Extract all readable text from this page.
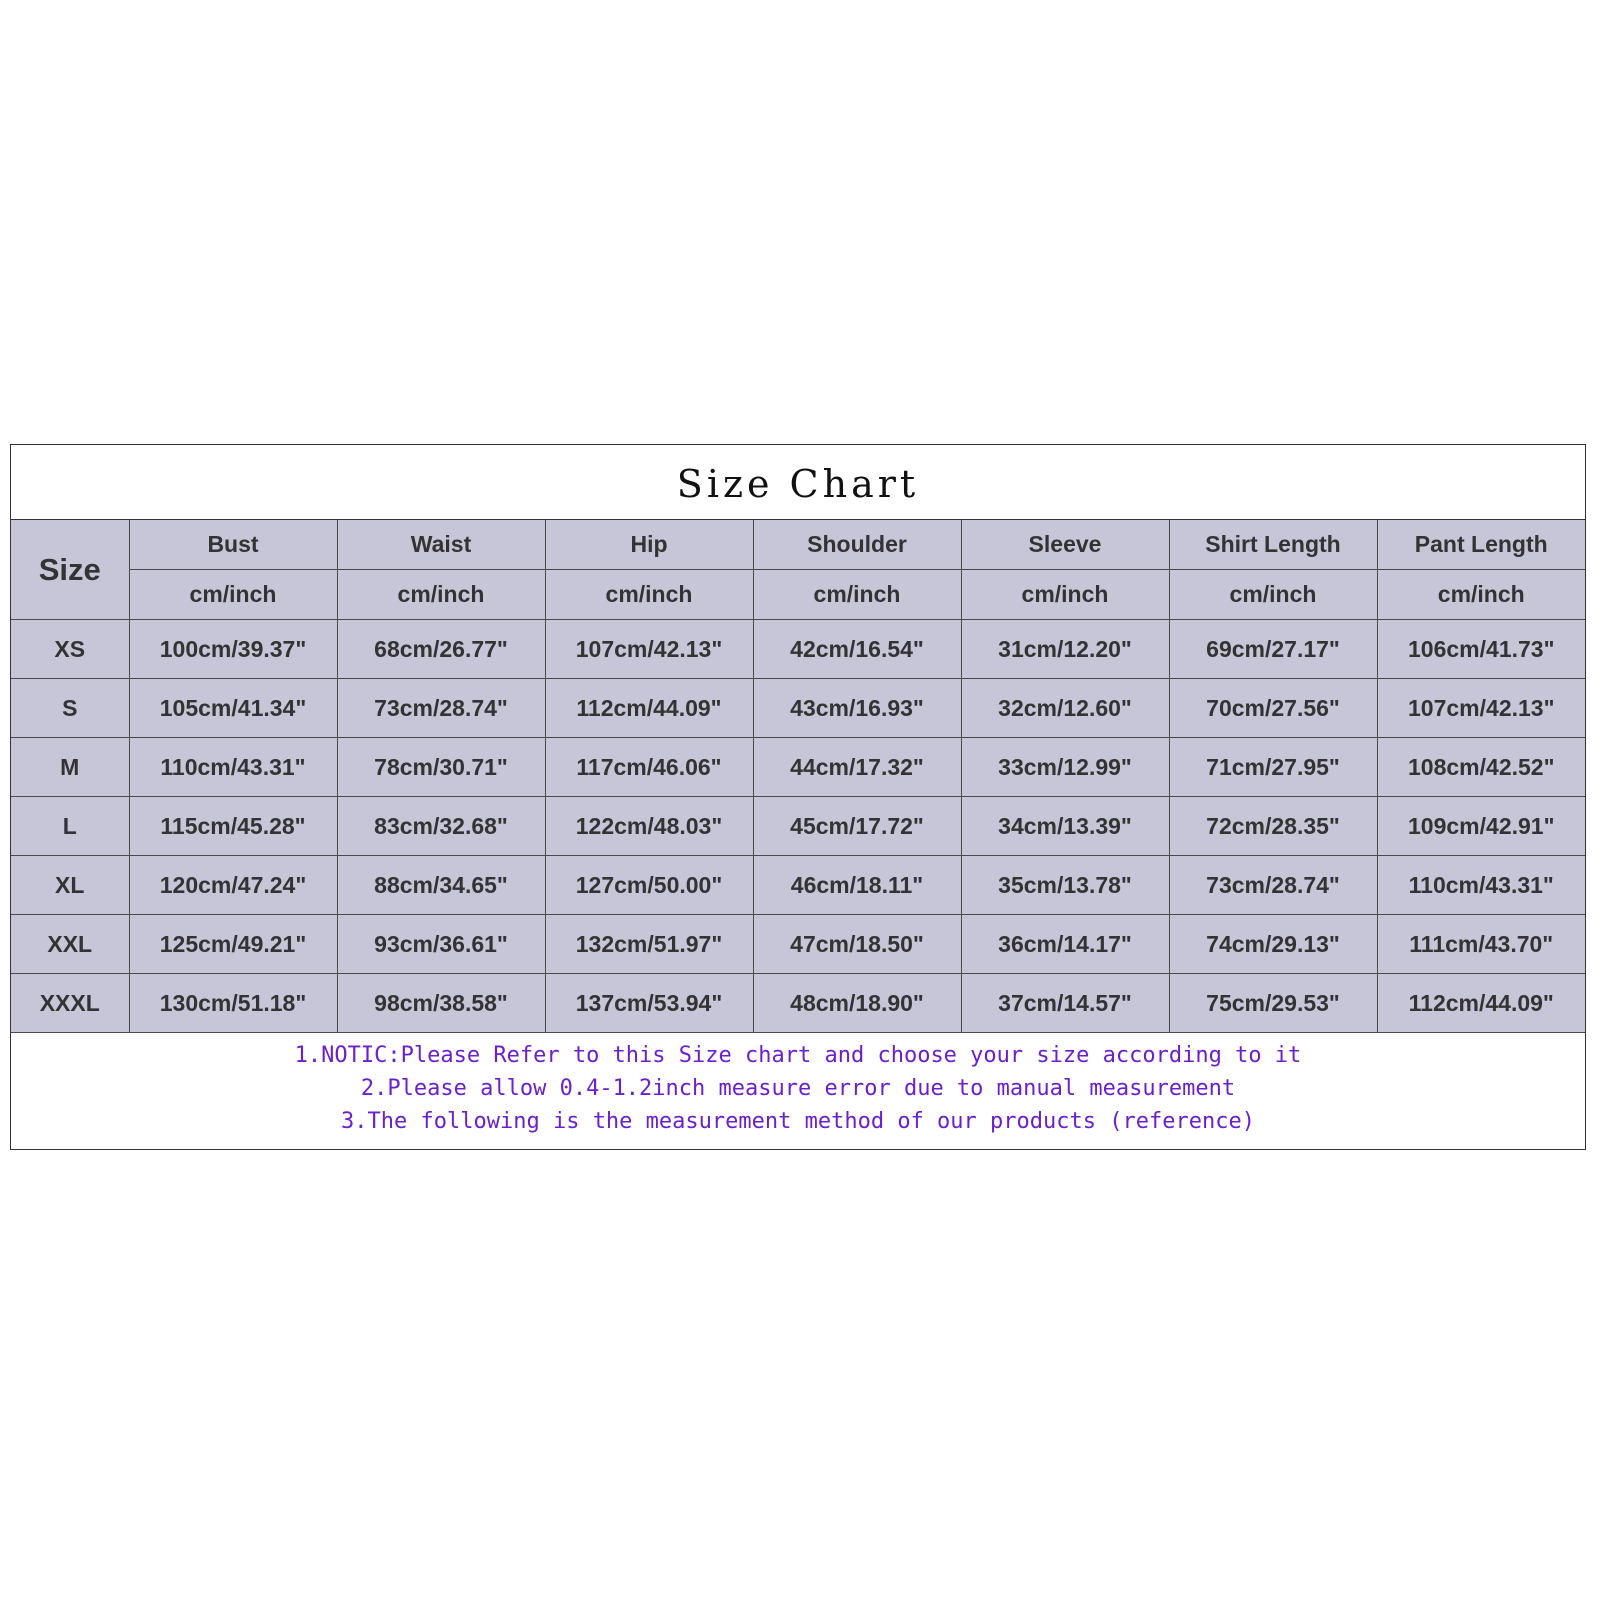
Size Chart
Size	Bust	Waist	Hip	Shoulder	Sleeve	Shirt Length	Pant Length
	cm/inch	cm/inch	cm/inch	cm/inch	cm/inch	cm/inch	cm/inch
XS	100cm/39.37"	68cm/26.77"	107cm/42.13"	42cm/16.54"	31cm/12.20"	69cm/27.17"	106cm/41.73"
S	105cm/41.34"	73cm/28.74"	112cm/44.09"	43cm/16.93"	32cm/12.60"	70cm/27.56"	107cm/42.13"
M	110cm/43.31"	78cm/30.71"	117cm/46.06"	44cm/17.32"	33cm/12.99"	71cm/27.95"	108cm/42.52"
L	115cm/45.28"	83cm/32.68"	122cm/48.03"	45cm/17.72"	34cm/13.39"	72cm/28.35"	109cm/42.91"
XL	120cm/47.24"	88cm/34.65"	127cm/50.00"	46cm/18.11"	35cm/13.78"	73cm/28.74"	110cm/43.31"
XXL	125cm/49.21"	93cm/36.61"	132cm/51.97"	47cm/18.50"	36cm/14.17"	74cm/29.13"	111cm/43.70"
XXXL	130cm/51.18"	98cm/38.58"	137cm/53.94"	48cm/18.90"	37cm/14.57"	75cm/29.53"	112cm/44.09"
1.NOTIC:Please Refer to this Size chart and choose your size according to it
2.Please allow 0.4-1.2inch measure error due to manual measurement
3.The following is the measurement method of our products (reference)
